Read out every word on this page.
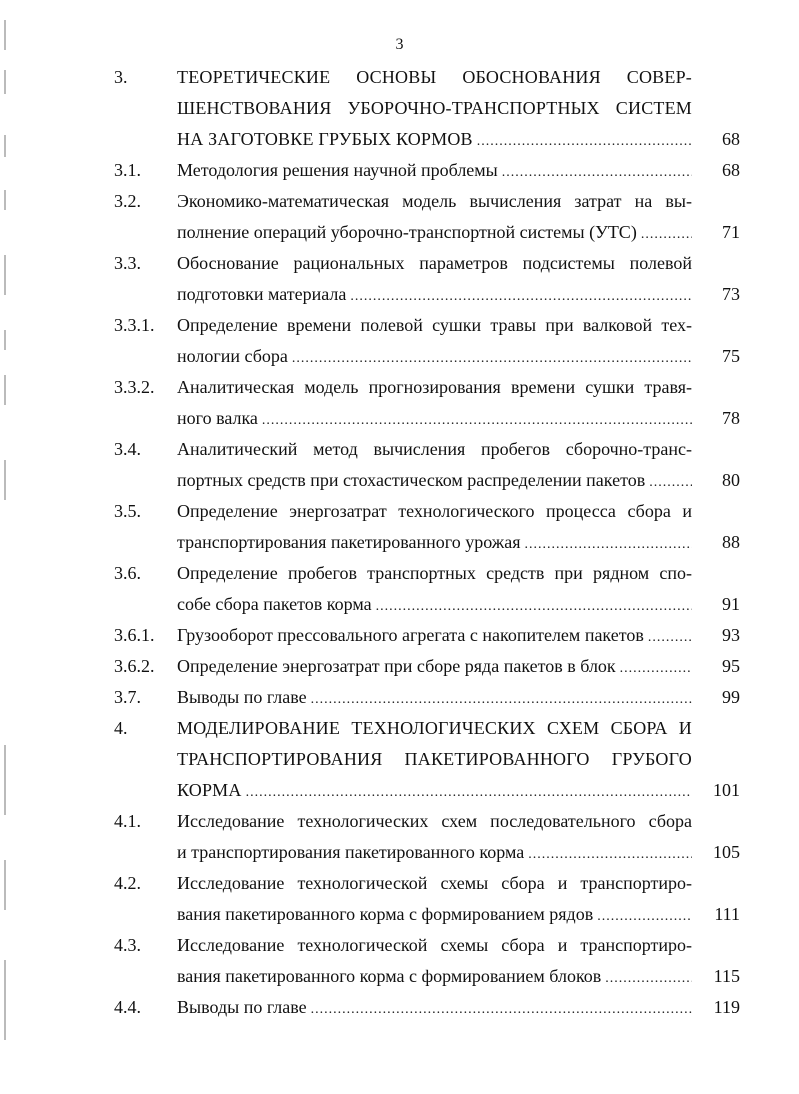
3
3.	ТЕОРЕТИЧЕСКИЕ ОСНОВЫ ОБОСНОВАНИЯ СОВЕР-
ШЕНСТВОВАНИЯ УБОРОЧНО-ТРАНСПОРТНЫХ СИСТЕМ
НА ЗАГОТОВКЕ ГРУБЫХ КОРМОВ .....	68
3.1. Методология решения научной проблемы .....	68
3.2. Экономико-математическая модель вычисления затрат на вы-
полнение операций уборочно-транспортной системы (УТС) .....	71
3.3. Обоснование рациональных параметров подсистемы полевой
подготовки материала .....	73
3.3.1. Определение времени полевой сушки травы при валковой тех-
нологии сбора .....	75
3.3.2. Аналитическая модель прогнозирования времени сушки травя-
ного валка .....	78
3.4. Аналитический метод вычисления пробегов сборочно-транс-
портных средств при стохастическом распределении пакетов .....	80
3.5. Определение энергозатрат технологического процесса сбора и
транспортирования пакетированного урожая .....	88
3.6. Определение пробегов транспортных средств при рядном спо-
собе сбора пакетов корма .....	91
3.6.1. Грузооборот прессовального агрегата с накопителем пакетов .....	93
3.6.2. Определение энергозатрат при сборе ряда пакетов в блок .....	95
3.7. Выводы по главе .....	99
4.	МОДЕЛИРОВАНИЕ ТЕХНОЛОГИЧЕСКИХ СХЕМ СБОРА И
ТРАНСПОРТИРОВАНИЯ ПАКЕТИРОВАННОГО ГРУБОГО
КОРМА .....	101
4.1. Исследование технологических схем последовательного сбора
и транспортирования пакетированного корма .....	105
4.2. Исследование технологической схемы сбора и транспортиро-
вания пакетированного корма с формированием рядов .....	111
4.3. Исследование технологической схемы сбора и транспортиро-
вания пакетированного корма с формированием блоков .....	115
4.4. Выводы по главе .....	119
